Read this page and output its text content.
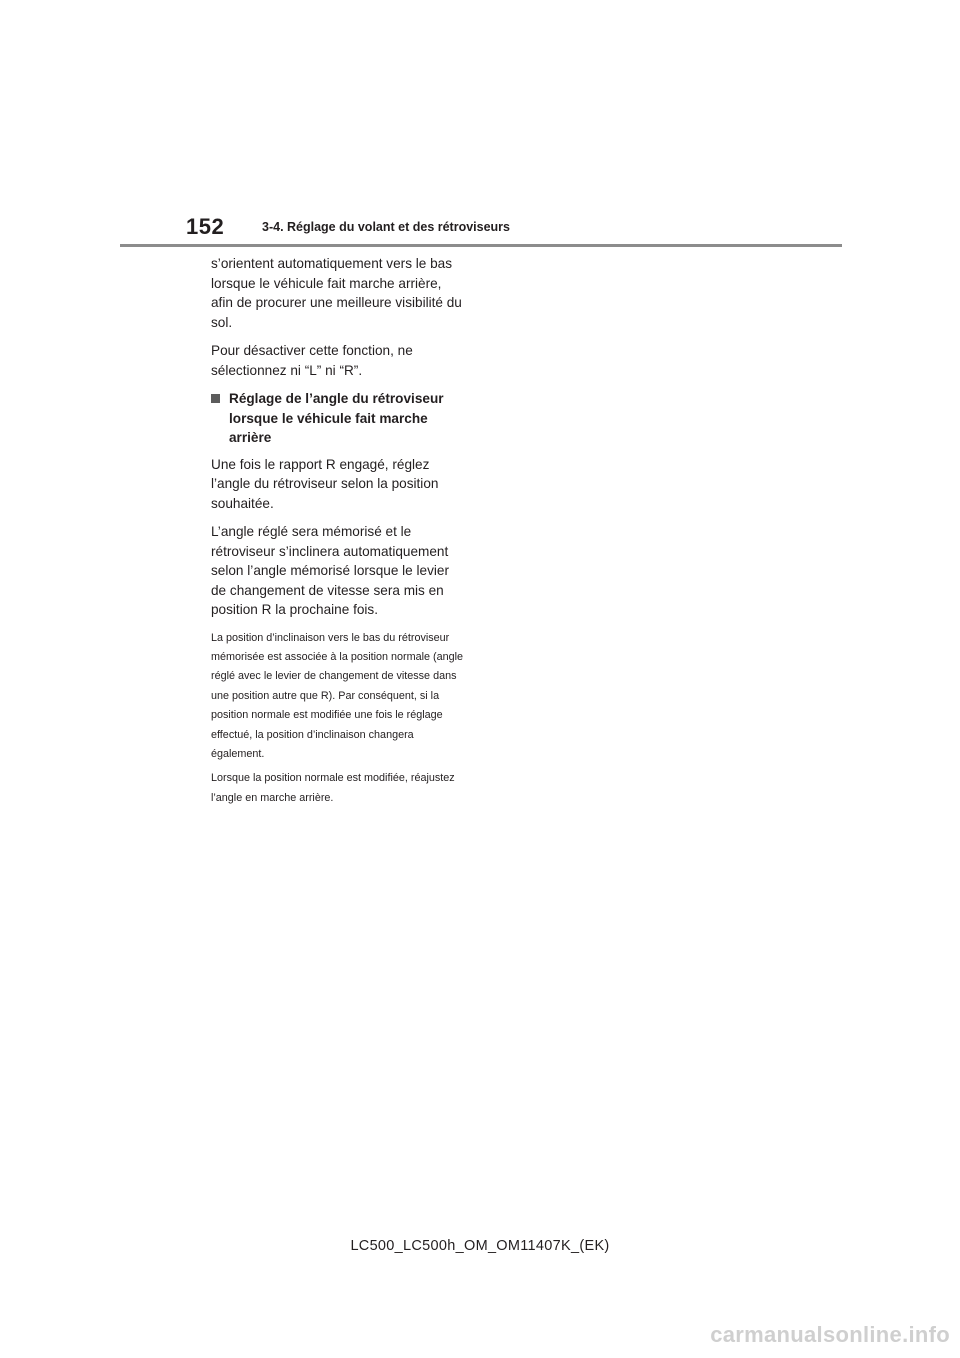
152	3-4. Réglage du volant et des rétroviseurs

s’orientent automatiquement vers le bas lorsque le véhicule fait marche arrière, afin de procurer une meilleure visibilité du sol.

Pour désactiver cette fonction, ne sélectionnez ni “L” ni “R”.

Réglage de l’angle du rétroviseur lorsque le véhicule fait marche arrière

Une fois le rapport R engagé, réglez l’angle du rétroviseur selon la position souhaitée.

L’angle réglé sera mémorisé et le rétroviseur s’inclinera automatiquement selon l’angle mémorisé lorsque le levier de changement de vitesse sera mis en position R la prochaine fois.

La position d’inclinaison vers le bas du rétroviseur mémorisée est associée à la position normale (angle réglé avec le levier de changement de vitesse dans une position autre que R). Par conséquent, si la position normale est modifiée une fois le réglage effectué, la position d’inclinaison changera également.

Lorsque la position normale est modifiée, réajustez l’angle en marche arrière.

LC500_LC500h_OM_OM11407K_(EK)
carmanualsonline.info
